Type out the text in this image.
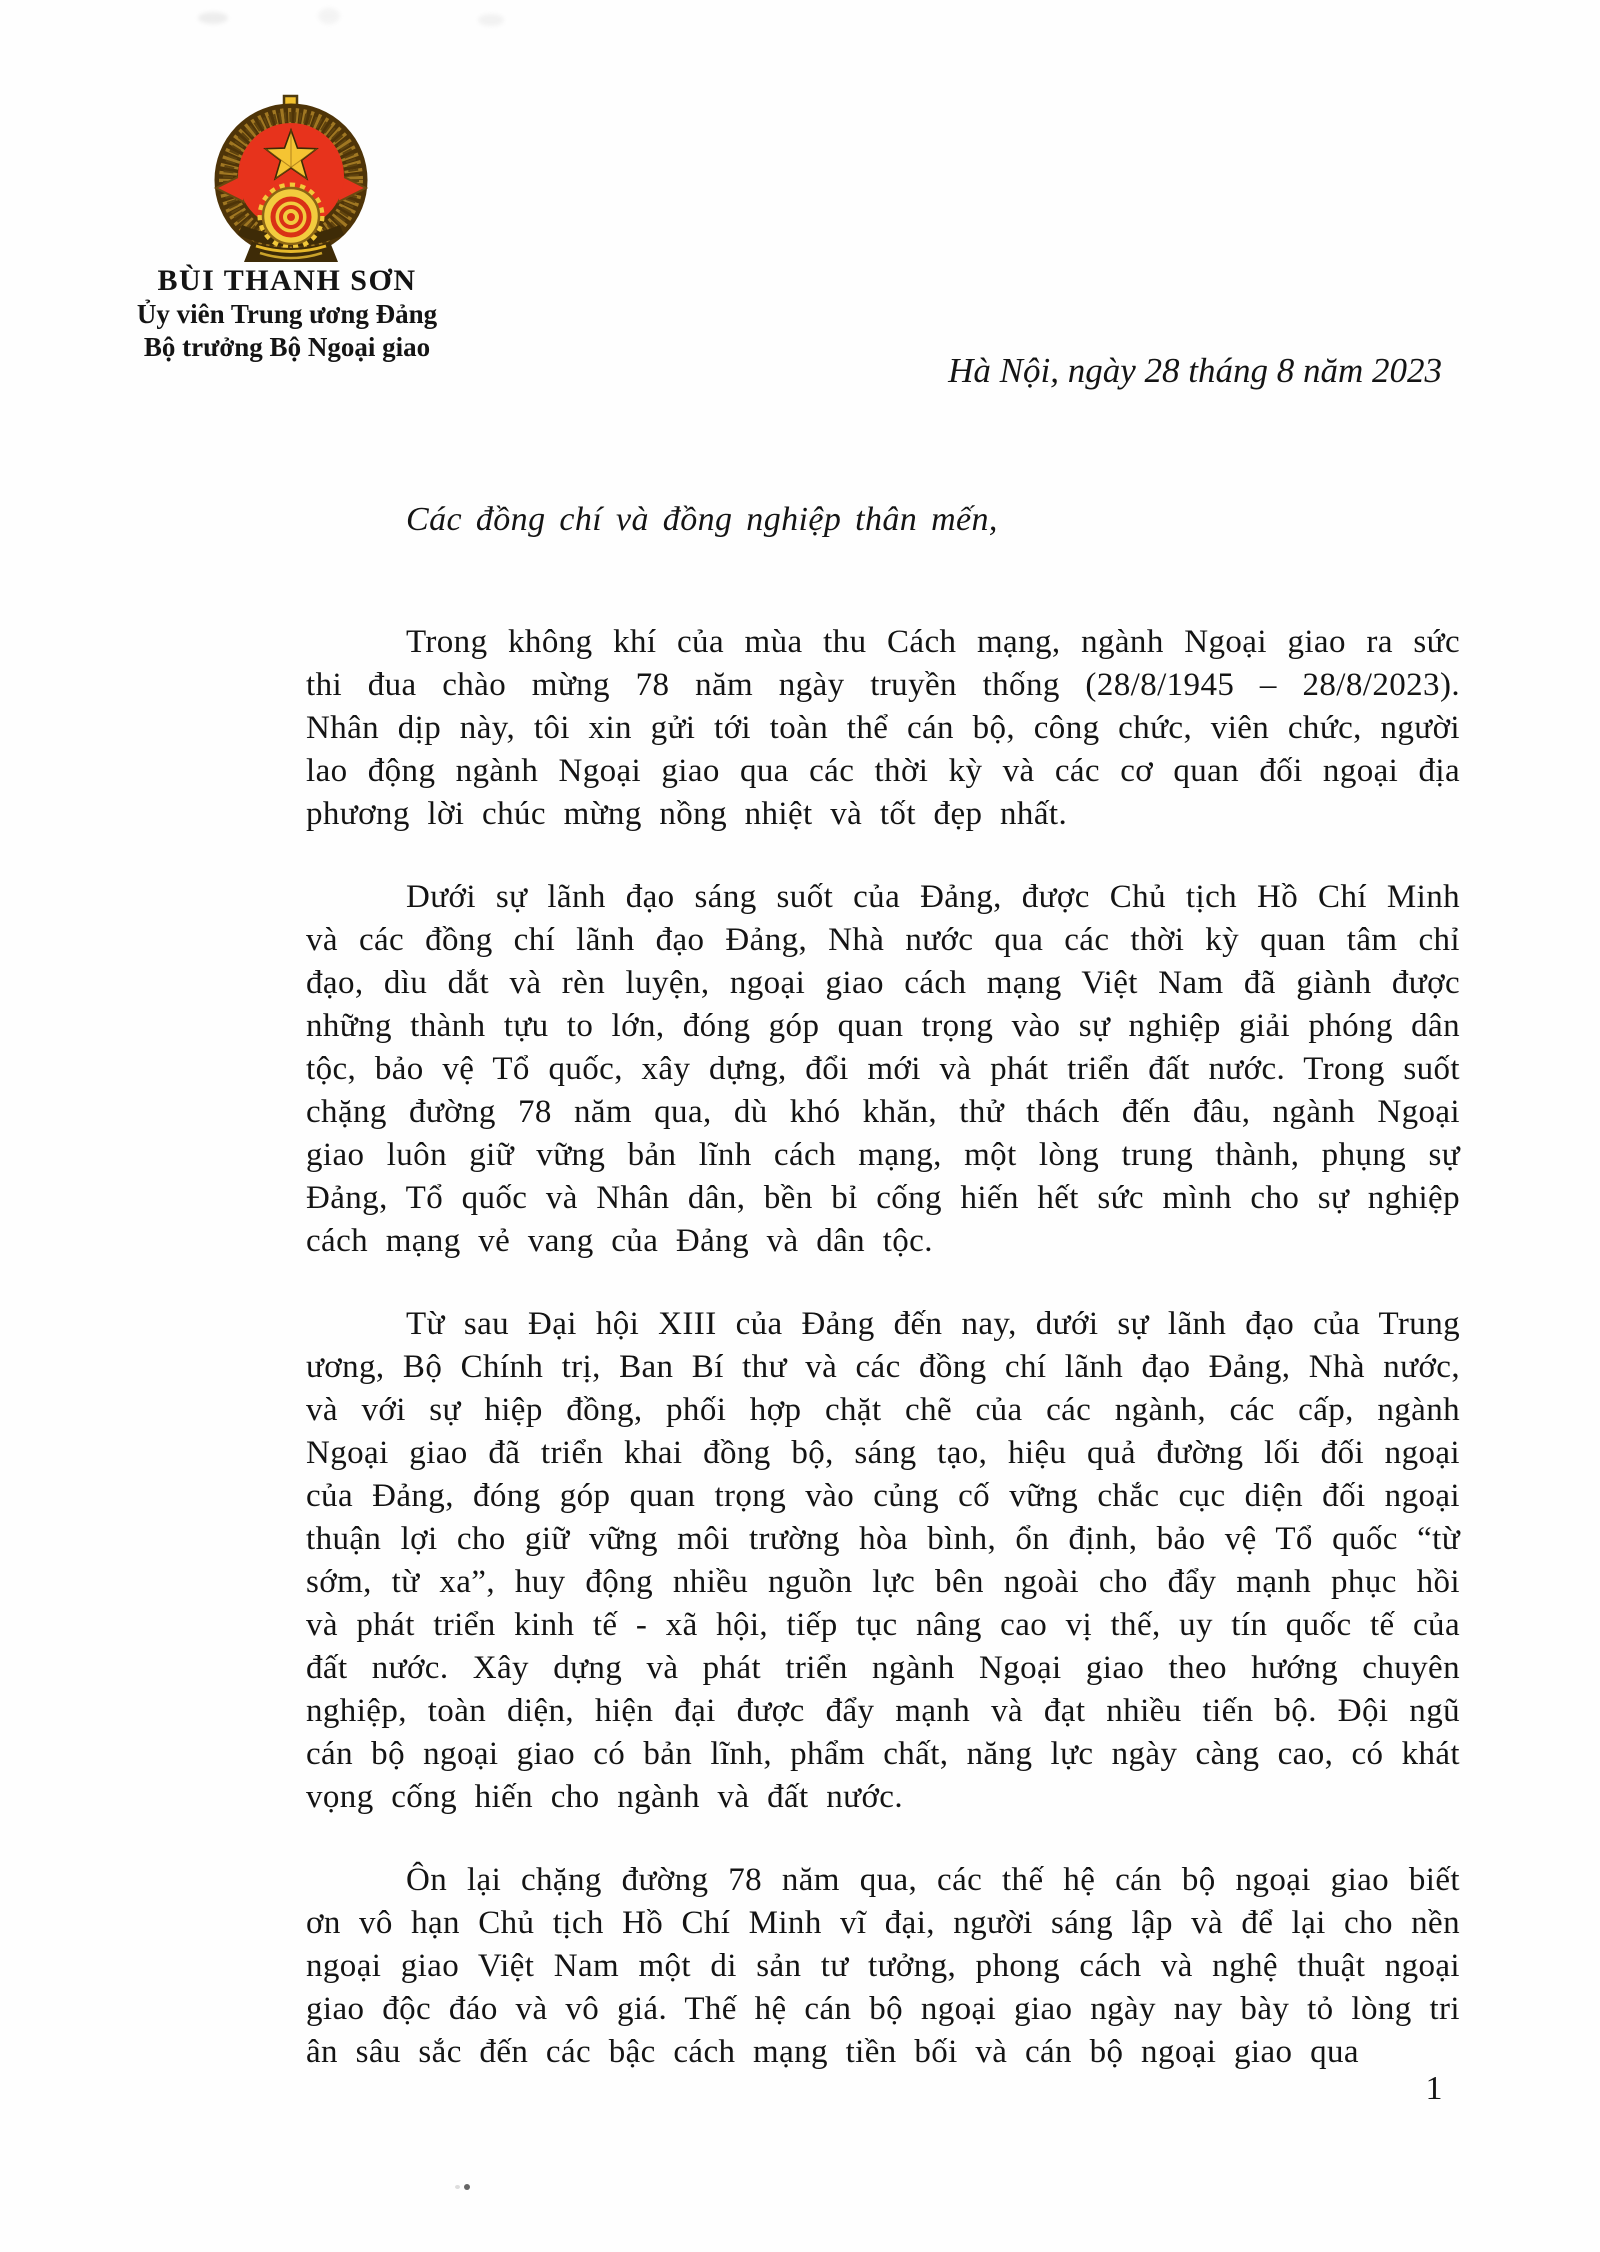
BÙI THANH SƠN
Ủy viên Trung ương Đảng
Bộ trưởng Bộ Ngoại giao
Hà Nội, ngày 28 tháng 8 năm 2023

Các đồng chí và đồng nghiệp thân mến,

Trong không khí của mùa thu Cách mạng, ngành Ngoại giao ra sức thi đua chào mừng 78 năm ngày truyền thống (28/8/1945 – 28/8/2023). Nhân dịp này, tôi xin gửi tới toàn thể cán bộ, công chức, viên chức, người lao động ngành Ngoại giao qua các thời kỳ và các cơ quan đối ngoại địa phương lời chúc mừng nồng nhiệt và tốt đẹp nhất.

Dưới sự lãnh đạo sáng suốt của Đảng, được Chủ tịch Hồ Chí Minh và các đồng chí lãnh đạo Đảng, Nhà nước qua các thời kỳ quan tâm chỉ đạo, dìu dắt và rèn luyện, ngoại giao cách mạng Việt Nam đã giành được những thành tựu to lớn, đóng góp quan trọng vào sự nghiệp giải phóng dân tộc, bảo vệ Tổ quốc, xây dựng, đổi mới và phát triển đất nước. Trong suốt chặng đường 78 năm qua, dù khó khăn, thử thách đến đâu, ngành Ngoại giao luôn giữ vững bản lĩnh cách mạng, một lòng trung thành, phụng sự Đảng, Tổ quốc và Nhân dân, bền bỉ cống hiến hết sức mình cho sự nghiệp cách mạng vẻ vang của Đảng và dân tộc.

Từ sau Đại hội XIII của Đảng đến nay, dưới sự lãnh đạo của Trung ương, Bộ Chính trị, Ban Bí thư và các đồng chí lãnh đạo Đảng, Nhà nước, và với sự hiệp đồng, phối hợp chặt chẽ của các ngành, các cấp, ngành Ngoại giao đã triển khai đồng bộ, sáng tạo, hiệu quả đường lối đối ngoại của Đảng, đóng góp quan trọng vào củng cố vững chắc cục diện đối ngoại thuận lợi cho giữ vững môi trường hòa bình, ổn định, bảo vệ Tổ quốc “từ sớm, từ xa”, huy động nhiều nguồn lực bên ngoài cho đẩy mạnh phục hồi và phát triển kinh tế - xã hội, tiếp tục nâng cao vị thế, uy tín quốc tế của đất nước. Xây dựng và phát triển ngành Ngoại giao theo hướng chuyên nghiệp, toàn diện, hiện đại được đẩy mạnh và đạt nhiều tiến bộ. Đội ngũ cán bộ ngoại giao có bản lĩnh, phẩm chất, năng lực ngày càng cao, có khát vọng cống hiến cho ngành và đất nước.

Ôn lại chặng đường 78 năm qua, các thế hệ cán bộ ngoại giao biết ơn vô hạn Chủ tịch Hồ Chí Minh vĩ đại, người sáng lập và để lại cho nền ngoại giao Việt Nam một di sản tư tưởng, phong cách và nghệ thuật ngoại giao độc đáo và vô giá. Thế hệ cán bộ ngoại giao ngày nay bày tỏ lòng tri ân sâu sắc đến các bậc cách mạng tiền bối và cán bộ ngoại giao qua

1
